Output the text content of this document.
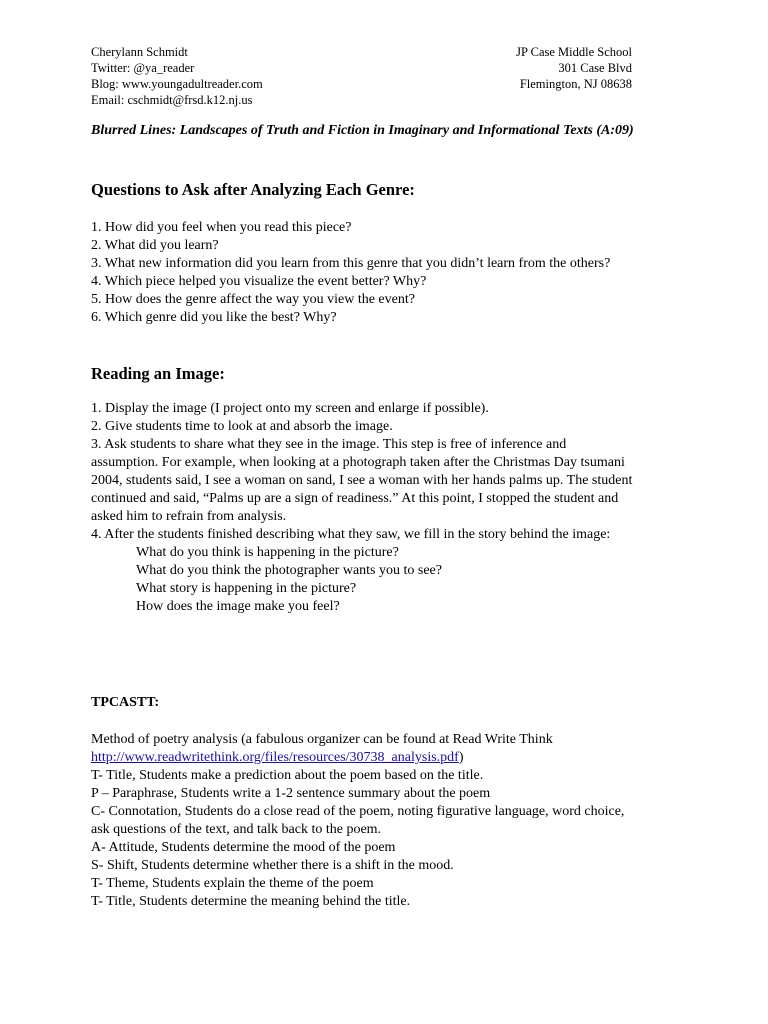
Cherylann Schmidt
Twitter: @ya_reader
Blog: www.youngadultreader.com
Email: cschmidt@frsd.k12.nj.us
JP Case Middle School
301 Case Blvd
Flemington, NJ 08638
Blurred Lines: Landscapes of Truth and Fiction in Imaginary and Informational Texts (A:09)
Questions to Ask after Analyzing Each Genre:
1. How did you feel when you read this piece?
2. What did you learn?
3. What new information did you learn from this genre that you didn’t learn from the others?
4. Which piece helped you visualize the event better? Why?
5. How does the genre affect the way you view the event?
6. Which genre did you like the best? Why?
Reading an Image:
1. Display the image (I project onto my screen and enlarge if possible).
2. Give students time to look at and absorb the image.
3. Ask students to share what they see in the image. This step is free of inference and
assumption. For example, when looking at a photograph taken after the Christmas Day tsumani
2004, students said, I see a woman on sand, I see a woman with her hands palms up. The student
continued and said, “Palms up are a sign of readiness.” At this point, I stopped the student and
asked him to refrain from analysis.
4. After the students finished describing what they saw, we fill in the story behind the image:
What do you think is happening in the picture?
What do you think the photographer wants you to see?
What story is happening in the picture?
How does the image make you feel?
TPCASTT:
Method of poetry analysis (a fabulous organizer can be found at Read Write Think
http://www.readwritethink.org/files/resources/30738_analysis.pdf)
T- Title, Students make a prediction about the poem based on the title.
P – Paraphrase, Students write a 1-2 sentence summary about the poem
C- Connotation, Students do a close read of the poem, noting figurative language, word choice,
ask questions of the text, and talk back to the poem.
A- Attitude, Students determine the mood of the poem
S- Shift, Students determine whether there is a shift in the mood.
T- Theme, Students explain the theme of the poem
T- Title, Students determine the meaning behind the title.
